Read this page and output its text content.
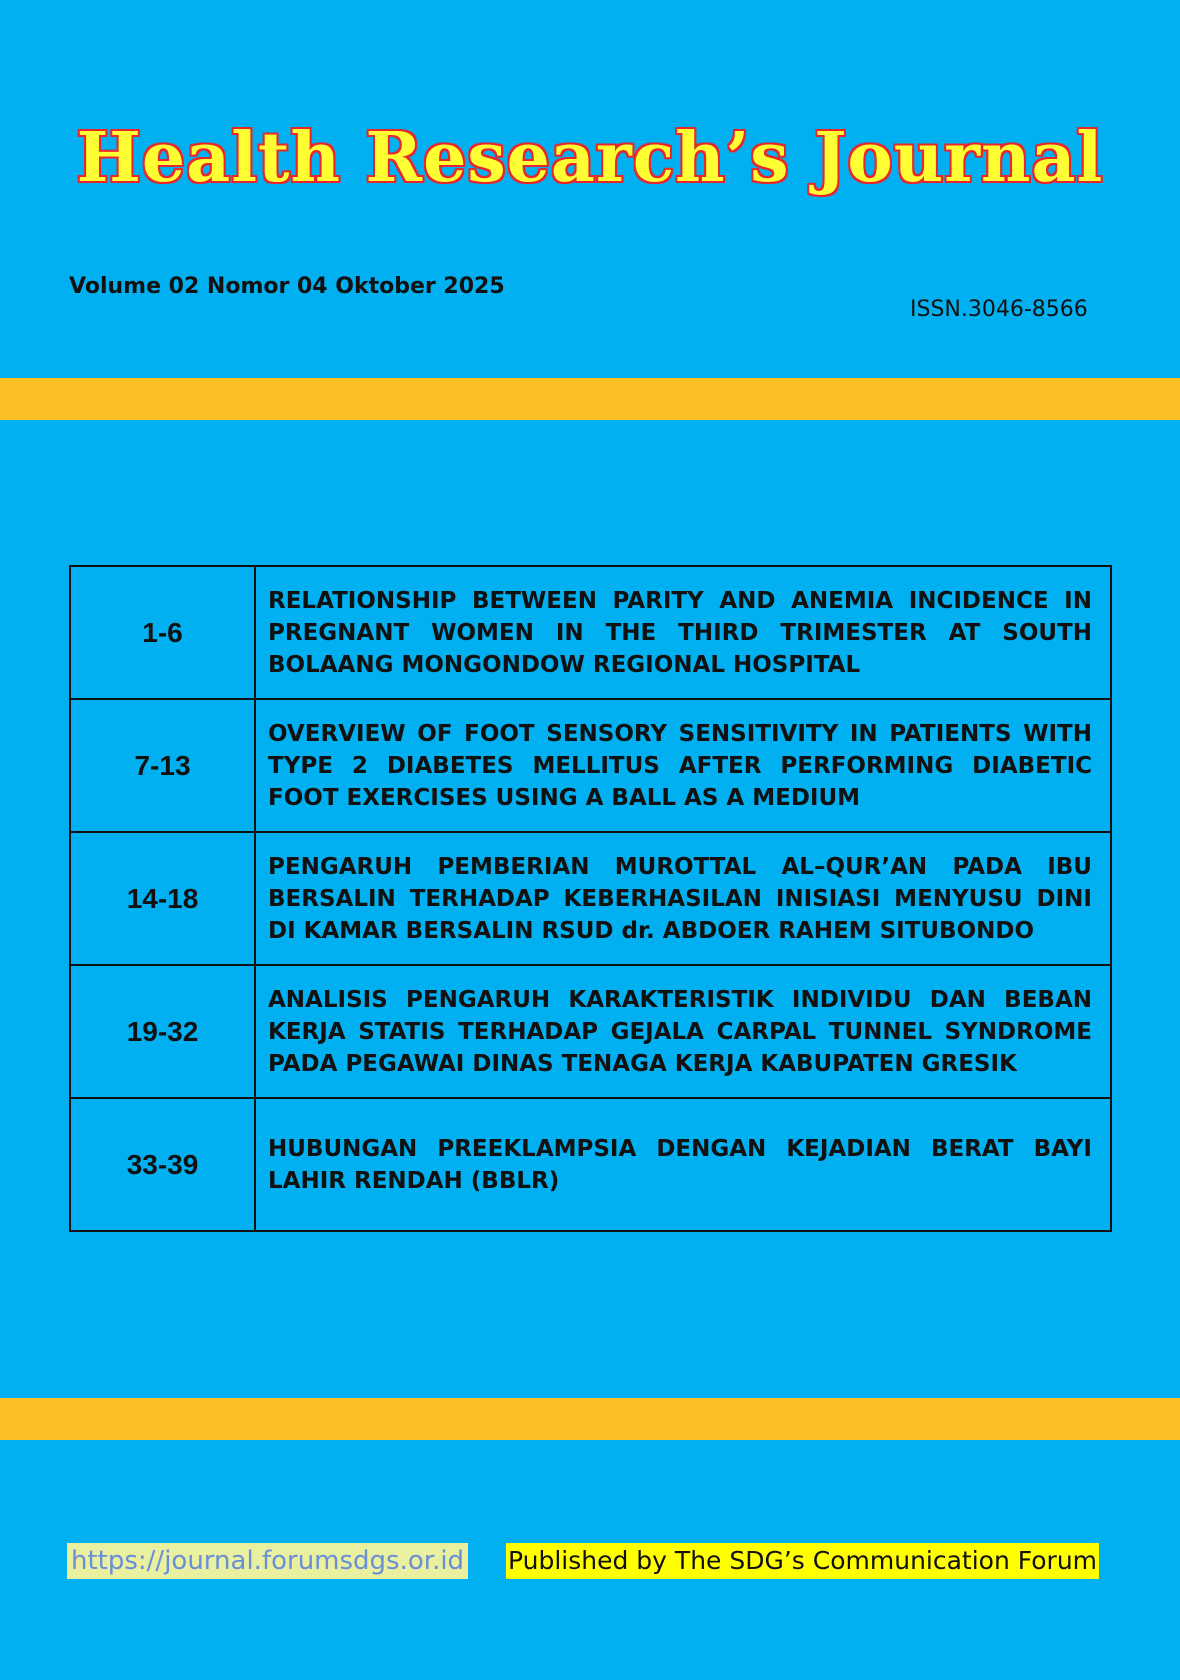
Health Research’s Journal
Volume 02 Nomor 04 Oktober 2025
ISSN.3046-8566
1-6	RELATIONSHIP BETWEEN PARITY AND ANEMIA INCIDENCE IN PREGNANT WOMEN IN THE THIRD TRIMESTER AT SOUTH BOLAANG MONGONDOW REGIONAL HOSPITAL
7-13	OVERVIEW OF FOOT SENSORY SENSITIVITY IN PATIENTS WITH TYPE 2 DIABETES MELLITUS AFTER PERFORMING DIABETIC FOOT EXERCISES USING A BALL AS A MEDIUM
14-18	PENGARUH PEMBERIAN MUROTTAL AL–QUR’AN PADA IBU BERSALIN TERHADAP KEBERHASILAN INISIASI MENYUSU DINI DI KAMAR BERSALIN RSUD dr. ABDOER RAHEM SITUBONDO
19-32	ANALISIS PENGARUH KARAKTERISTIK INDIVIDU DAN BEBAN KERJA STATIS TERHADAP GEJALA CARPAL TUNNEL SYNDROME PADA PEGAWAI DINAS TENAGA KERJA KABUPATEN GRESIK
33-39	HUBUNGAN PREEKLAMPSIA DENGAN KEJADIAN BERAT BAYI LAHIR RENDAH (BBLR)
https://journal.forumsdgs.or.id Published by The SDG’s Communication Forum
